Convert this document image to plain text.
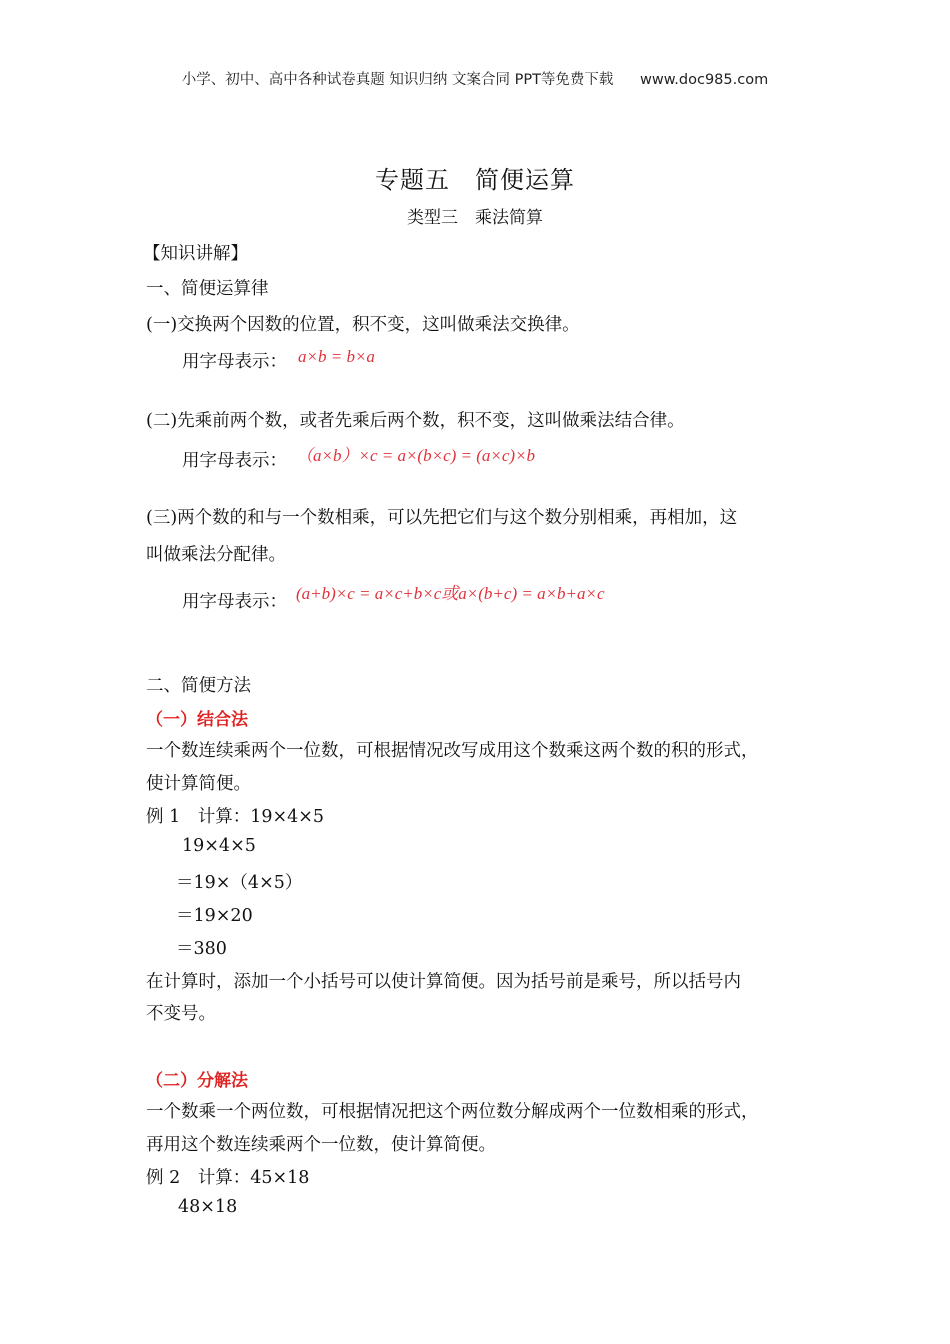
小学、初中、高中各种试卷真题 知识归纳 文案合同 PPT等免费下载 www.doc985.com
专题五　简便运算
类型三　乘法简算
【知识讲解】
一、简便运算律
(一)交换两个因数的位置，积不变，这叫做乘法交换律。
用字母表示： a×b = b×a
(二)先乘前两个数，或者先乘后两个数，积不变，这叫做乘法结合律。
用字母表示： （a×b）×c = a×(b×c) = (a×c)×b
(三)两个数的和与一个数相乘，可以先把它们与这个数分别相乘，再相加，这
叫做乘法分配律。
用字母表示： (a+b)×c = a×c+b×c或a×(b+c) = a×b+a×c
二、简便方法
（一）结合法
一个数连续乘两个一位数，可根据情况改写成用这个数乘这两个数的积的形式，
使计算简便。
例 1　计算：19×4×5
19×4×5
＝19×（4×5）
＝19×20
＝380
在计算时，添加一个小括号可以使计算简便。因为括号前是乘号，所以括号内
不变号。
（二）分解法
一个数乘一个两位数，可根据情况把这个两位数分解成两个一位数相乘的形式，
再用这个数连续乘两个一位数，使计算简便。
例 2　计算：45×18
48×18
